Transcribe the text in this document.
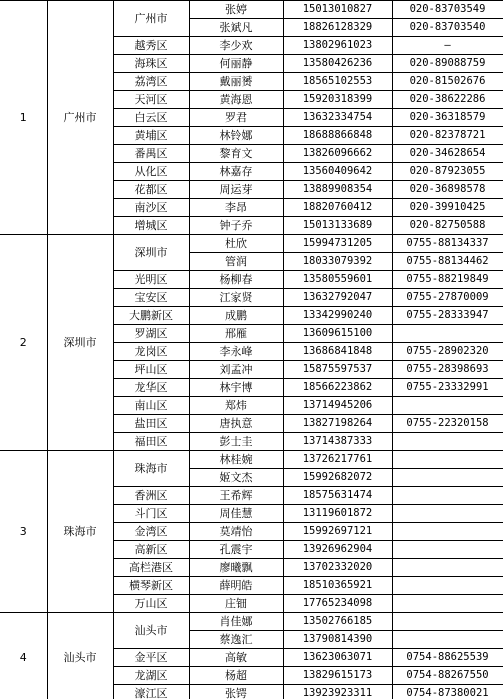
1	广州市	广州市	张婷	15013010827	020-83703549
			张斌凡	18826128329	020-83703540
		越秀区	李少欢	13802961023	—
		海珠区	何丽静	13580426236	020-89088759
		荔湾区	戴丽赟	18565102553	020-81502676
		天河区	黄海恩	15920318399	020-38622286
		白云区	罗君	13632334754	020-36318579
		黄埔区	林铃娜	18688866848	020-82378721
		番禺区	黎育文	13826096662	020-34628654
		从化区	林嘉存	13560409642	020-87923055
		花都区	周运芽	13889908354	020-36898578
		南沙区	李昂	18820760412	020-39910425
		增城区	钟子乔	15013133689	020-82750588
2	深圳市	深圳市	杜欣	15994731205	0755-88134337
			管润	18033079392	0755-88134462
		光明区	杨柳春	13580559601	0755-88219849
		宝安区	江家贤	13632792047	0755-27870009
		大鹏新区	成鹏	13342990240	0755-28333947
		罗湖区	邢雁	13609615100	
		龙岗区	李永峰	13686841848	0755-28902320
		坪山区	刘孟冲	15875597537	0755-28398693
		龙华区	林宇博	18566223862	0755-23332991
		南山区	郑炜	13714945206	
		盐田区	唐执意	13827198264	0755-22320158
		福田区	彭士圭	13714387333	
3	珠海市	珠海市	林桂婉	13726217761	
			姬文杰	15992682072	
		香洲区	王希辉	18575631474	
		斗门区	周佳慧	13119601872	
		金湾区	莫靖怡	15992697121	
		高新区	孔震宇	13926962904	
		高栏港区	廖曦飘	13702332020	
		横琴新区	薛明皓	18510365921	
		万山区	庄钿	17765234098	
4	汕头市	汕头市	肖佳娜	13502766185	
			蔡逸汇	13790814390	
		金平区	高敏	13623063071	0754-88625539
		龙湖区	杨超	13829615173	0754-88267550
		濠江区	张锷	13923923311	0754-87380021
